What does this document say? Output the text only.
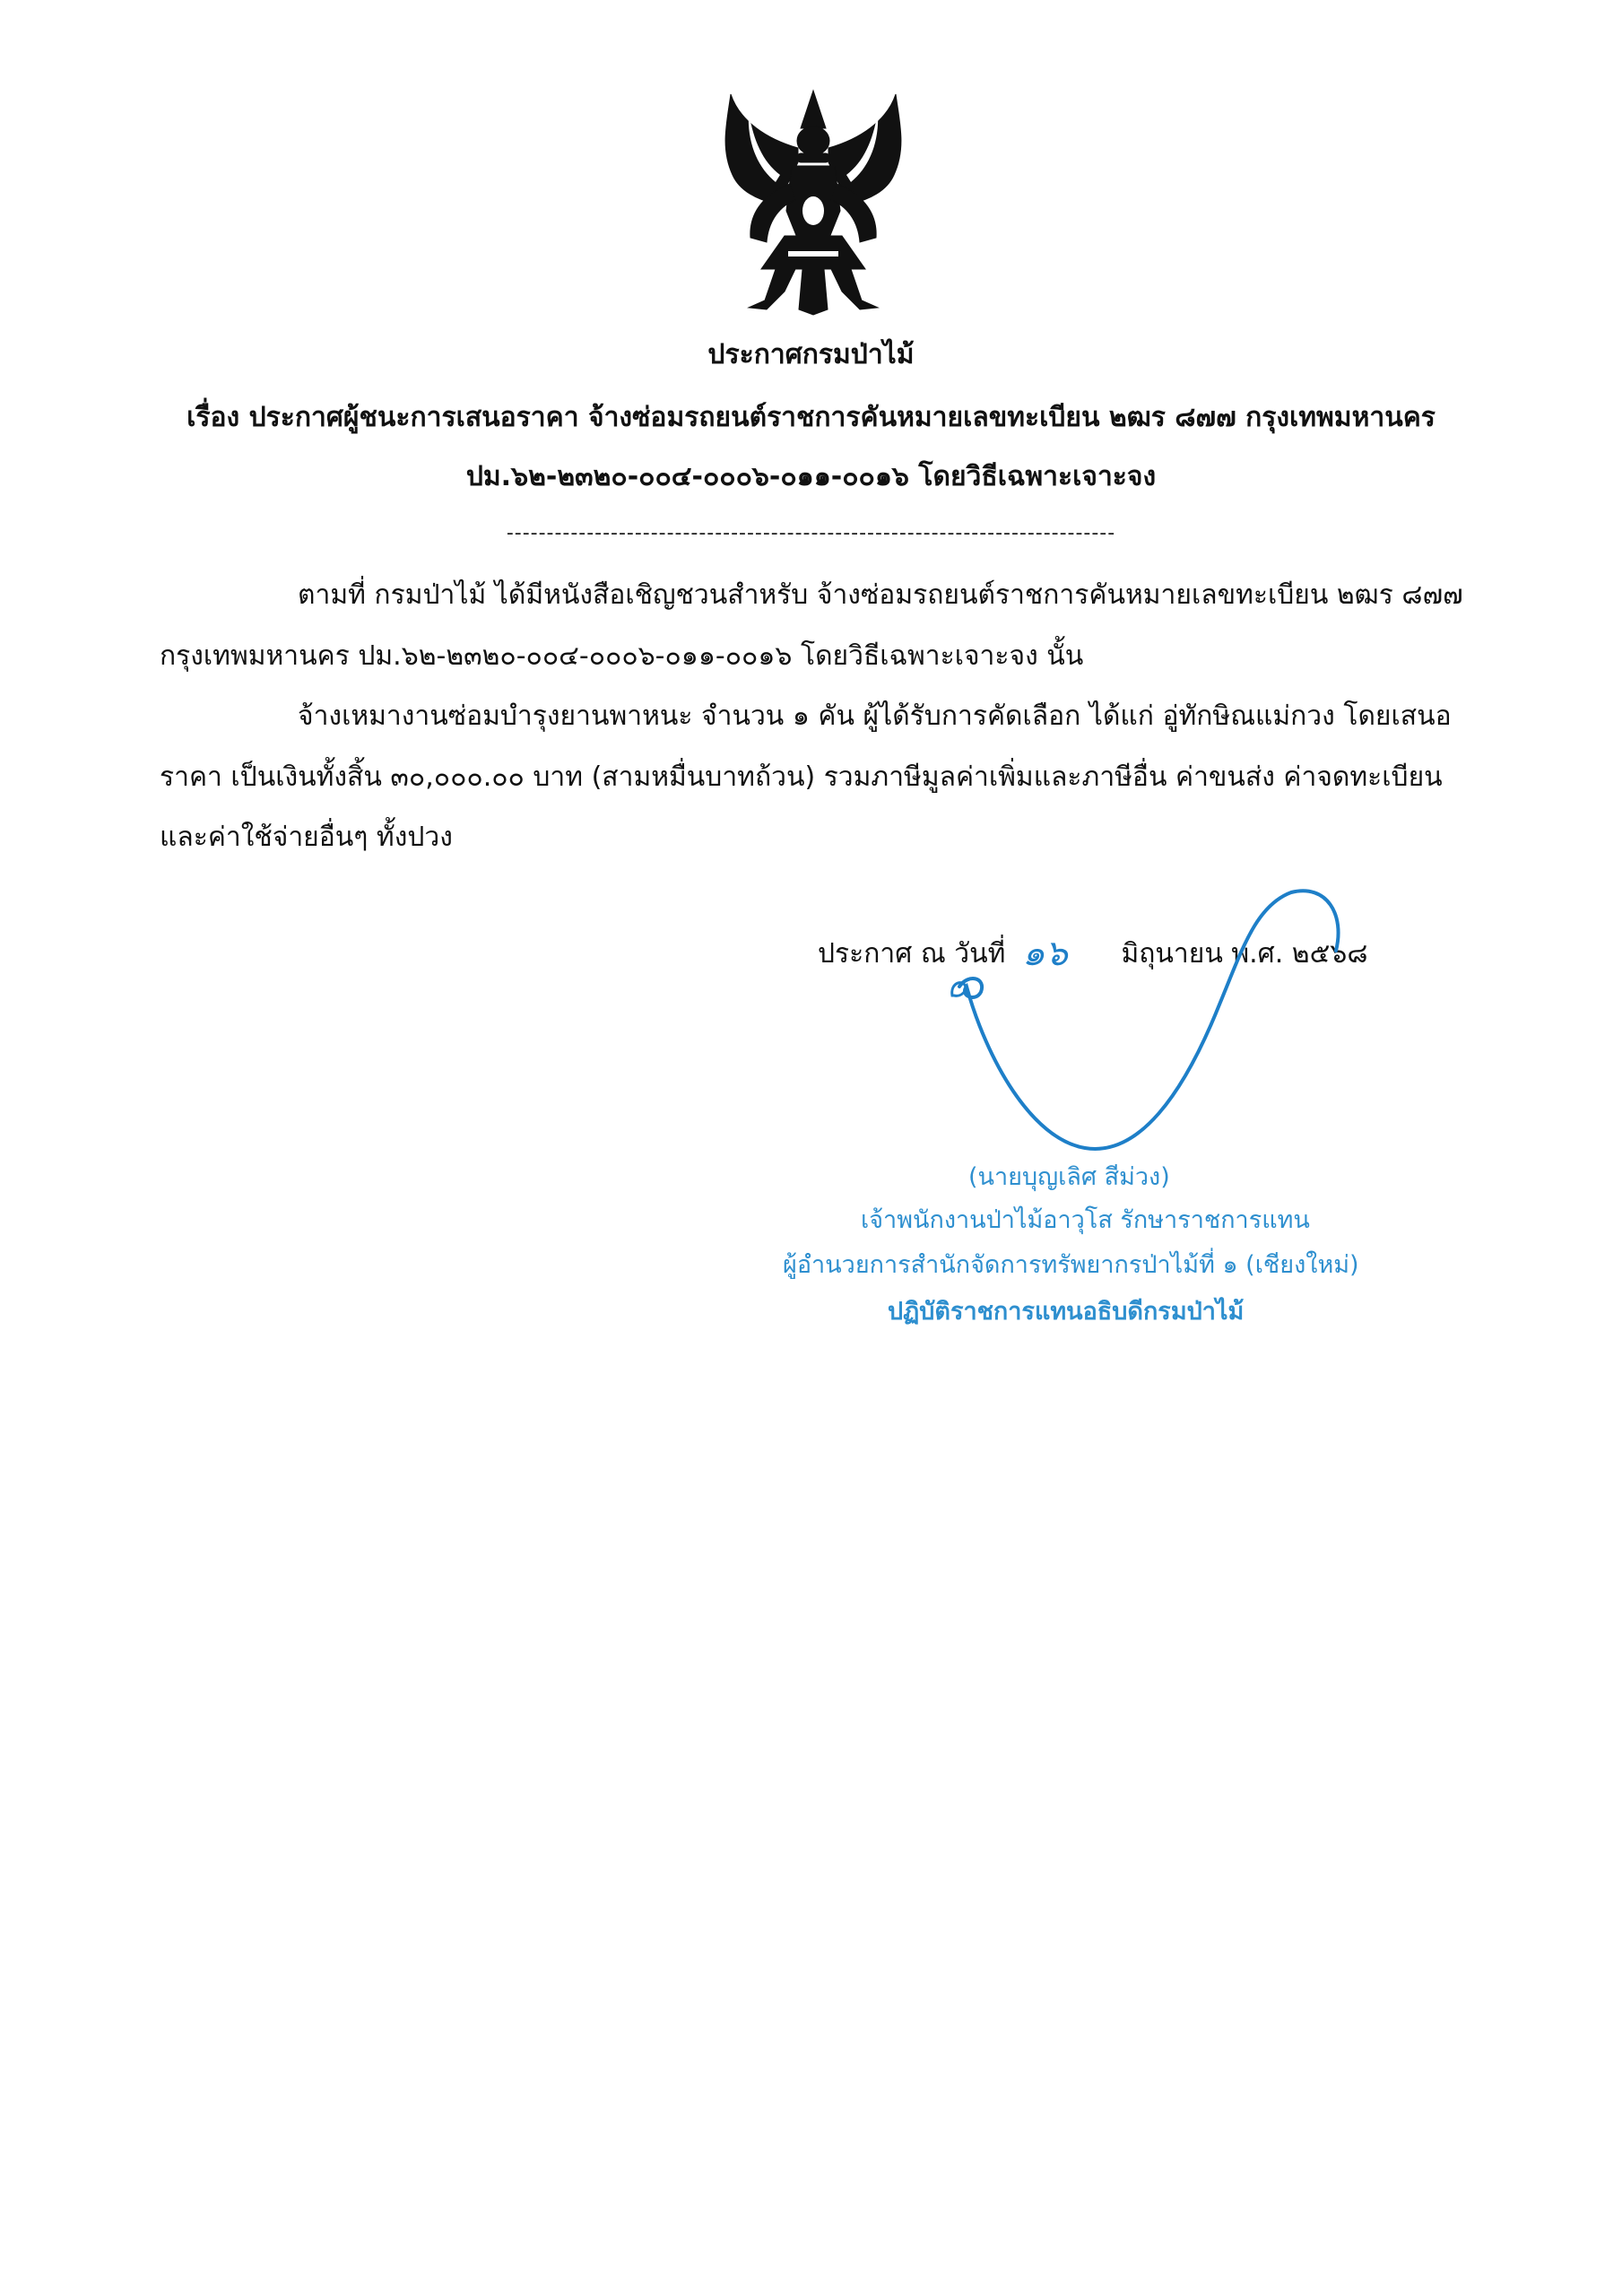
ประกาศกรมป่าไม้
เรื่อง ประกาศผู้ชนะการเสนอราคา จ้างซ่อมรถยนต์ราชการคันหมายเลขทะเบียน ๒ฒร ๘๗๗ กรุงเทพมหานคร
ปม.๖๒-๒๓๒๐-๐๐๔-๐๐๐๖-๐๑๑-๐๐๑๖ โดยวิธีเฉพาะเจาะจง
----------------------------------------------------------------------------
ตามที่ กรมป่าไม้ ได้มีหนังสือเชิญชวนสำหรับ จ้างซ่อมรถยนต์ราชการคันหมายเลขทะเบียน ๒ฒร ๘๗๗
กรุงเทพมหานคร ปม.๖๒-๒๓๒๐-๐๐๔-๐๐๐๖-๐๑๑-๐๐๑๖ โดยวิธีเฉพาะเจาะจง นั้น
จ้างเหมางานซ่อมบำรุงยานพาหนะ จำนวน ๑ คัน ผู้ได้รับการคัดเลือก ได้แก่ อู่ทักษิณแม่กวง โดยเสนอ
ราคา เป็นเงินทั้งสิ้น ๓๐,๐๐๐.๐๐ บาท (สามหมื่นบาทถ้วน) รวมภาษีมูลค่าเพิ่มและภาษีอื่น ค่าขนส่ง ค่าจดทะเบียน
และค่าใช้จ่ายอื่นๆ ทั้งปวง
ประกาศ ณ วันที่	มิถุนายน พ.ศ. ๒๕๖๘
๑๖
(นายบุญเลิศ สีม่วง)
เจ้าพนักงานป่าไม้อาวุโส รักษาราชการแทน
ผู้อำนวยการสำนักจัดการทรัพยากรป่าไม้ที่ ๑ (เชียงใหม่)
ปฏิบัติราชการแทนอธิบดีกรมป่าไม้
